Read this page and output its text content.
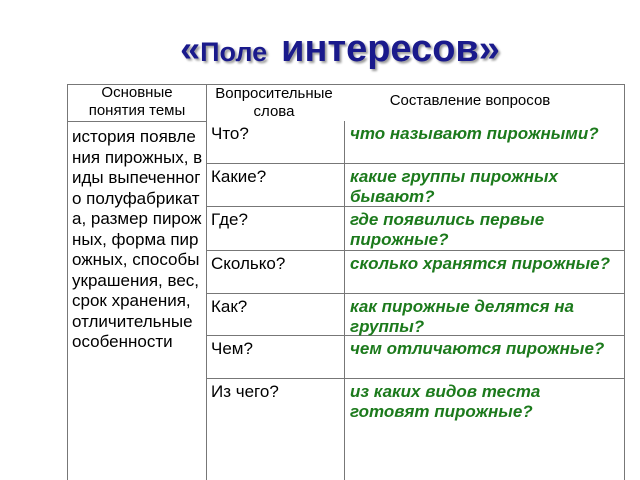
«Поле интересов»
Основные понятия темы
Вопросительные слова
Составление вопросов
история появления пирожных, виды выпеченного полуфабриката, размер пирожных, форма пирожных, способы украшения, вес, срок хранения, отличительные особенности
Что?
Какие?
Где?
Сколько?
Как?
Чем?
Из чего?
что называют пирожными?
какие группы пирожных бывают?
где появились первые пирожные?
сколько хранятся пирожные?
как пирожные делятся на группы?
чем отличаются пирожные?
из каких видов теста готовят пирожные?
